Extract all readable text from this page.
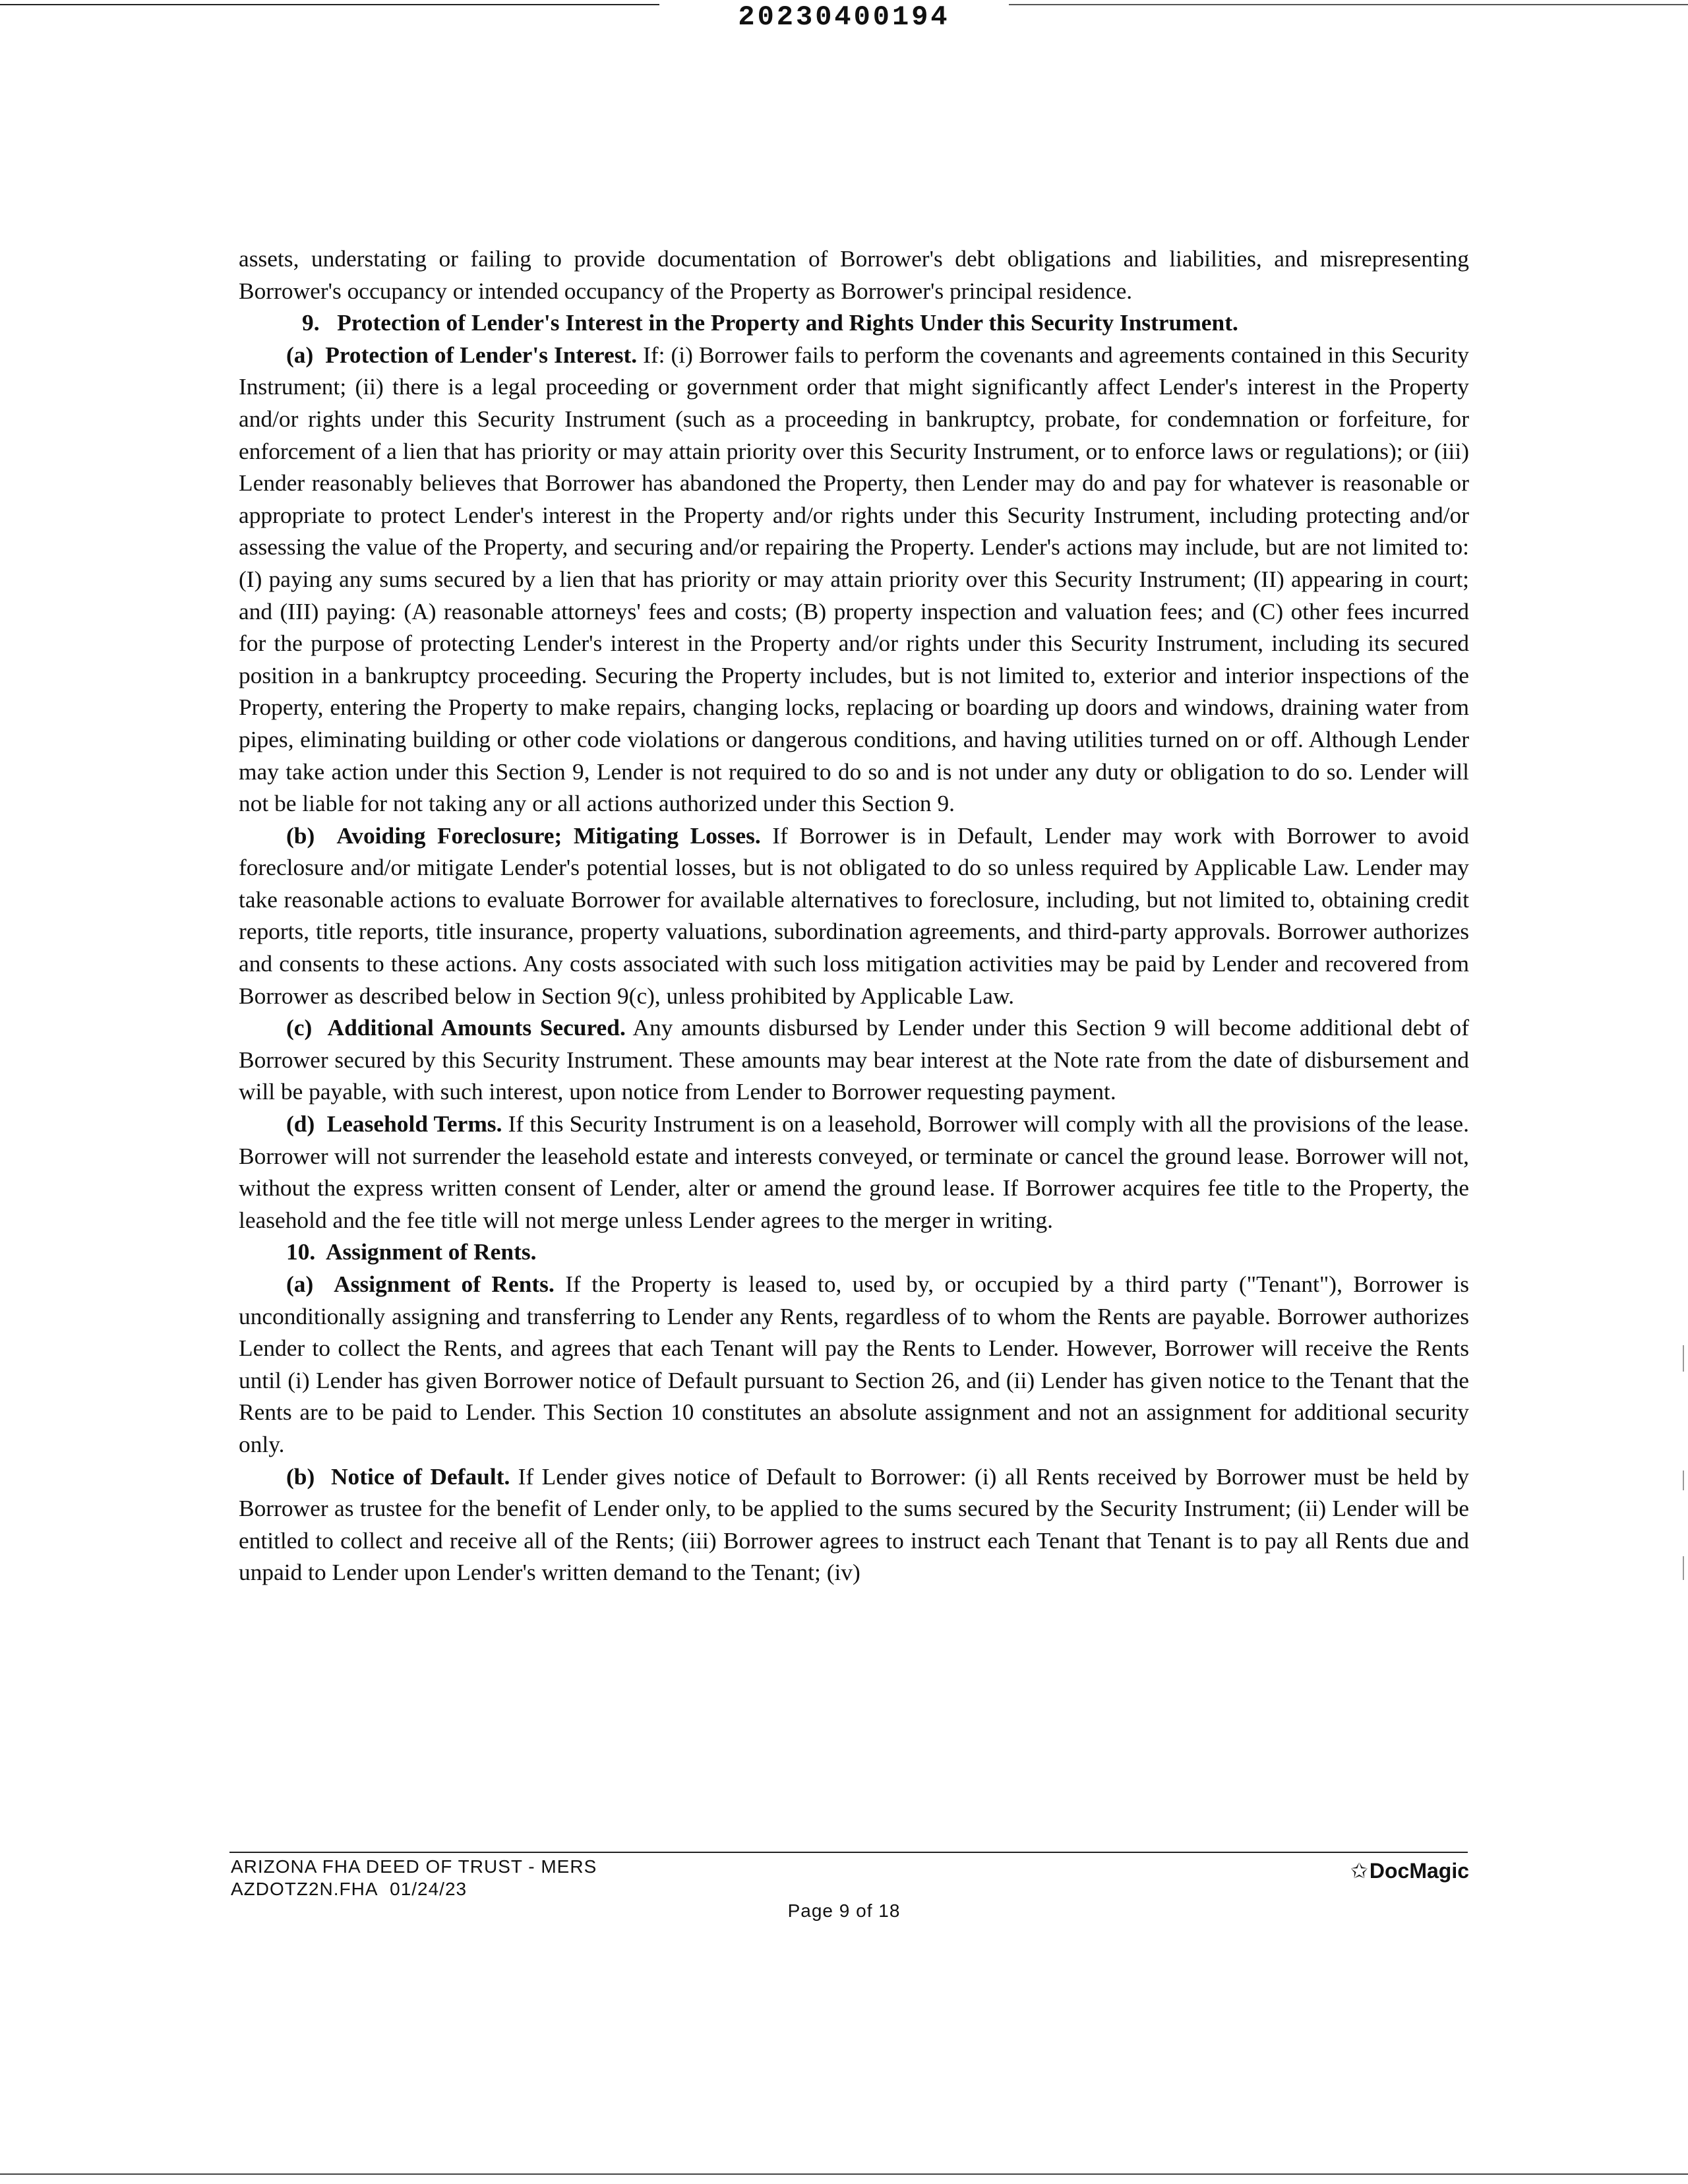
20230400194

assets, understating or failing to provide documentation of Borrower's debt obligations and liabilities, and misrepresenting Borrower's occupancy or intended occupancy of the Property as Borrower's principal residence.

9.   Protection of Lender's Interest in the Property and Rights Under this Security Instrument.

(a)  Protection of Lender's Interest. If: (i) Borrower fails to perform the covenants and agreements contained in this Security Instrument; (ii) there is a legal proceeding or government order that might significantly affect Lender's interest in the Property and/or rights under this Security Instrument (such as a proceeding in bankruptcy, probate, for condemnation or forfeiture, for enforcement of a lien that has priority or may attain priority over this Security Instrument, or to enforce laws or regulations); or (iii) Lender reasonably believes that Borrower has abandoned the Property, then Lender may do and pay for whatever is reasonable or appropriate to protect Lender's interest in the Property and/or rights under this Security Instrument, including protecting and/or assessing the value of the Property, and securing and/or repairing the Property. Lender's actions may include, but are not limited to: (I) paying any sums secured by a lien that has priority or may attain priority over this Security Instrument; (II) appearing in court; and (III) paying: (A) reasonable attorneys' fees and costs; (B) property inspection and valuation fees; and (C) other fees incurred for the purpose of protecting Lender's interest in the Property and/or rights under this Security Instrument, including its secured position in a bankruptcy proceeding. Securing the Property includes, but is not limited to, exterior and interior inspections of the Property, entering the Property to make repairs, changing locks, replacing or boarding up doors and windows, draining water from pipes, eliminating building or other code violations or dangerous conditions, and having utilities turned on or off. Although Lender may take action under this Section 9, Lender is not required to do so and is not under any duty or obligation to do so. Lender will not be liable for not taking any or all actions authorized under this Section 9.

(b)  Avoiding Foreclosure; Mitigating Losses. If Borrower is in Default, Lender may work with Borrower to avoid foreclosure and/or mitigate Lender's potential losses, but is not obligated to do so unless required by Applicable Law. Lender may take reasonable actions to evaluate Borrower for available alternatives to foreclosure, including, but not limited to, obtaining credit reports, title reports, title insurance, property valuations, subordination agreements, and third-party approvals. Borrower authorizes and consents to these actions. Any costs associated with such loss mitigation activities may be paid by Lender and recovered from Borrower as described below in Section 9(c), unless prohibited by Applicable Law.

(c)  Additional Amounts Secured. Any amounts disbursed by Lender under this Section 9 will become additional debt of Borrower secured by this Security Instrument. These amounts may bear interest at the Note rate from the date of disbursement and will be payable, with such interest, upon notice from Lender to Borrower requesting payment.

(d)  Leasehold Terms. If this Security Instrument is on a leasehold, Borrower will comply with all the provisions of the lease. Borrower will not surrender the leasehold estate and interests conveyed, or terminate or cancel the ground lease. Borrower will not, without the express written consent of Lender, alter or amend the ground lease. If Borrower acquires fee title to the Property, the leasehold and the fee title will not merge unless Lender agrees to the merger in writing.

10.  Assignment of Rents.

(a)  Assignment of Rents. If the Property is leased to, used by, or occupied by a third party ("Tenant"), Borrower is unconditionally assigning and transferring to Lender any Rents, regardless of to whom the Rents are payable. Borrower authorizes Lender to collect the Rents, and agrees that each Tenant will pay the Rents to Lender. However, Borrower will receive the Rents until (i) Lender has given Borrower notice of Default pursuant to Section 26, and (ii) Lender has given notice to the Tenant that the Rents are to be paid to Lender. This Section 10 constitutes an absolute assignment and not an assignment for additional security only.

(b)  Notice of Default. If Lender gives notice of Default to Borrower: (i) all Rents received by Borrower must be held by Borrower as trustee for the benefit of Lender only, to be applied to the sums secured by the Security Instrument; (ii) Lender will be entitled to collect and receive all of the Rents; (iii) Borrower agrees to instruct each Tenant that Tenant is to pay all Rents due and unpaid to Lender upon Lender's written demand to the Tenant; (iv)

ARIZONA FHA DEED OF TRUST - MERS
AZDOTZ2N.FHA  01/24/23
✩DocMagic
Page 9 of 18
